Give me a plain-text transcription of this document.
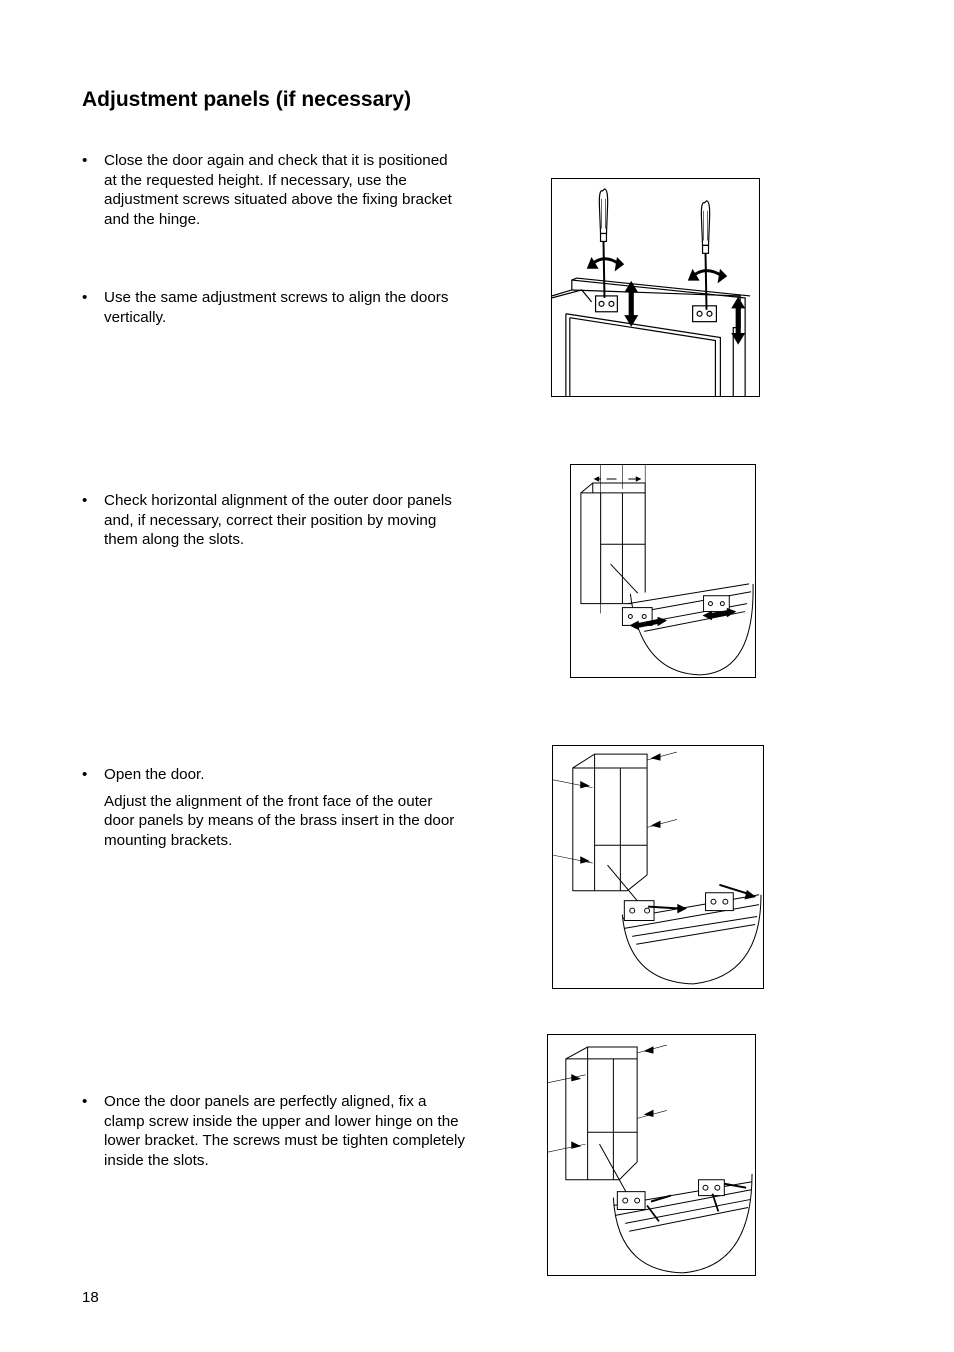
Adjustment panels (if necessary)
• Close the door again and check that it is positioned at the requested height. If necessary, use the adjustment screws situated above the fixing bracket and the hinge.
• Use the same adjustment screws to align the doors vertically.
• Check horizontal alignment of the outer door panels and, if necessary, correct their position by moving them along the slots.
• Open the door.
Adjust the alignment of the front face of the outer door panels by means of the brass insert in the door mounting brackets.
• Once the door panels are perfectly aligned, fix a clamp screw inside the upper and lower hinge on the lower bracket. The screws must be tighten completely inside the slots.
18
